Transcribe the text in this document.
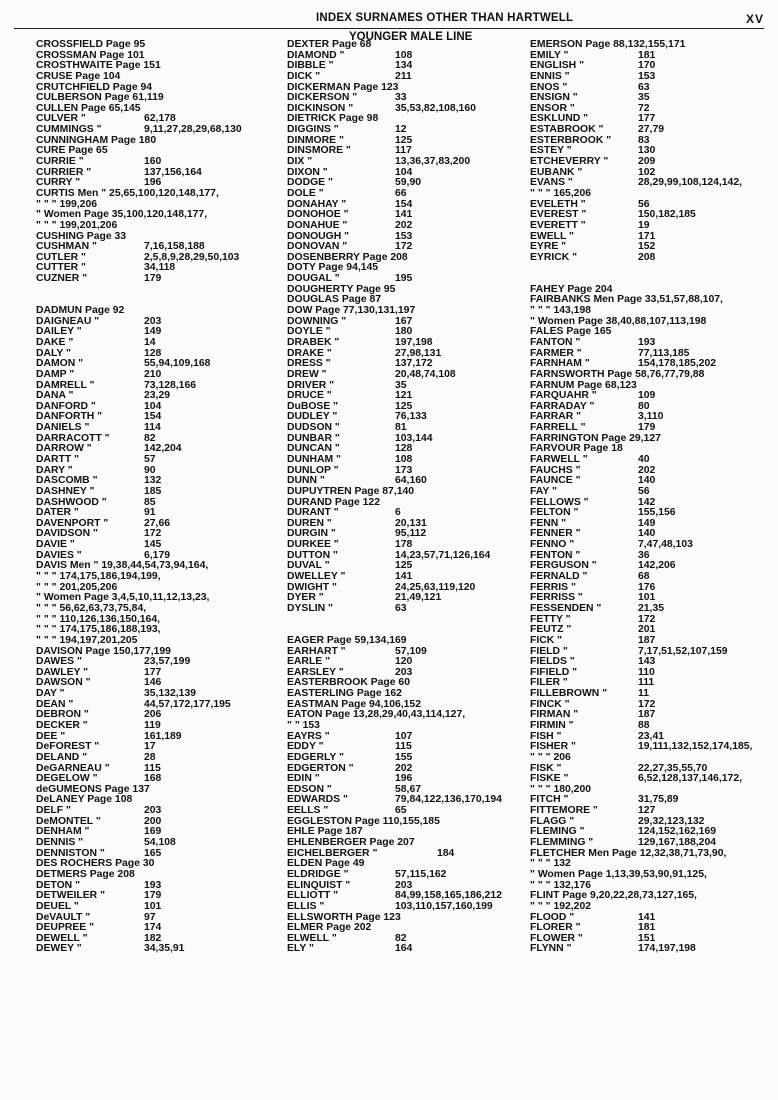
INDEX SURNAMES OTHER THAN HARTWELL	XV
YOUNGER MALE LINE
CROSSFIELD Page 95
CROSSMAN Page 101
CROSTHWAITE Page 151
CRUSE Page 104
CRUTCHFIELD Page 94
CULBERSON Page 61,119
CULLEN Page 65,145
CULVER "	62,178
CUMMINGS "	9,11,27,28,29,68,130
CUNNINGHAM Page 180
CURE Page 65
CURRIE "	160
CURRIER "	137,156,164
CURRY "	196
CURTIS Men " 25,65,100,120,148,177,
" " " 199,206
" Women Page 35,100,120,148,177,
" " " 199,201,206
CUSHING Page 33
CUSHMAN "	7,16,158,188
CUTLER "	2,5,8,9,28,29,50,103
CUTTER "	34,118
CUZNER "	179
DADMUN Page 92
DAIGNEAU "	203
DAILEY "	149
DAKE "	14
DALY "	128
DAMON "	55,94,109,168
DAMP "	210
DAMRELL "	73,128,166
DANA "	23,29
DANFORD "	104
DANFORTH "	154
DANIELS "	114
DARRACOTT "	82
DARROW "	142,204
DARTT "	57
DARY "	90
DASCOMB "	132
DASHNEY "	185
DASHWOOD "	85
DATER "	91
DAVENPORT "	27,66
DAVIDSON "	172
DAVIE "	145
DAVIES "	6,179
DAVIS Men " 19,38,44,54,73,94,164,
" " " 174,175,186,194,199,
" " " 201,205,206
" Women Page 3,4,5,10,11,12,13,23,
" " " 56,62,63,73,75,84,
" " " 110,126,136,150,164,
" " " 174,175,186,188,193,
" " " 194,197,201,205
DAVISON Page 150,177,199
DAWES "	23,57,199
DAWLEY "	177
DAWSON "	146
DAY "	35,132,139
DEAN "	44,57,172,177,195
DEBRON "	206
DECKER "	119
DEE "	161,189
DeFOREST "	17
DELAND "	28
DeGARNEAU "	115
DEGELOW "	168
deGUMEONS Page 137
DeLANEY Page 108
DELF "	203
DeMONTEL "	200
DENHAM "	169
DENNIS "	54,108
DENNISTON "	165
DES ROCHERS Page 30
DETMERS Page 208
DETON "	193
DETWEILER "	179
DEUEL "	101
DeVAULT "	97
DEUPREE "	174
DEWELL "	182
DEWEY "	34,35,91
DEXTER Page 68
DIAMOND "	108
DIBBLE "	134
DICK "	211
DICKERMAN Page 123
DICKERSON "	33
DICKINSON "	35,53,82,108,160
DIETRICK Page 98
DIGGINS "	12
DINMORE "	125
DINSMORE "	117
DIX "	13,36,37,83,200
DIXON "	104
DODGE "	59,90
DOLE "	66
DONAHAY "	154
DONOHOE "	141
DONAHUE "	202
DONOUGH "	153
DONOVAN "	172
DOSENBERRY Page 208
DOTY Page 94,145
DOUGAL "	195
DOUGHERTY Page 95
DOUGLAS Page 87
DOW Page 77,130,131,197
DOWNING "	167
DOYLE "	180
DRABEK "	197,198
DRAKE "	27,98,131
DRESS "	137,172
DREW "	20,48,74,108
DRIVER "	35
DRUCE "	121
DuBOSE "	125
DUDLEY "	76,133
DUDSON "	81
DUNBAR "	103,144
DUNCAN "	128
DUNHAM "	108
DUNLOP "	173
DUNN "	64,160
DUPUYTREN Page 87,140
DURAND Page 122
DURANT "	6
DUREN "	20,131
DURGIN "	95,112
DURKEE "	178
DUTTON "	14,23,57,71,126,164
DUVAL "	125
DWELLEY "	141
DWIGHT "	24,25,63,119,120
DYER "	21,49,121
DYSLIN "	63
EAGER Page 59,134,169
EARHART "	57,109
EARLE "	120
EARSLEY "	203
EASTERBROOK Page 60
EASTERLING Page 162
EASTMAN Page 94,106,152
EATON Page 13,28,29,40,43,114,127,
" " 153
EAYRS "	107
EDDY "	115
EDGERLY "	155
EDGERTON "	202
EDIN "	196
EDSON "	58,67
EDWARDS "	79,84,122,136,170,194
EELLS "	65
EGGLESTON Page 110,155,185
EHLE Page 187
EHLENBERGER Page 207
EICHELBERGER "	184
ELDEN Page 49
ELDRIDGE "	57,115,162
ELINQUIST "	203
ELLIOTT "	84,99,158,165,186,212
ELLIS "	103,110,157,160,199
ELLSWORTH Page 123
ELMER Page 202
ELWELL "	82
ELY "	164
EMERSON Page 88,132,155,171
EMILY "	181
ENGLISH "	170
ENNIS "	153
ENOS "	63
ENSIGN "	35
ENSOR "	72
ESKLUND "	177
ESTABROOK "	27,79
ESTERBROOK "	83
ESTEY "	130
ETCHEVERRY "	209
EUBANK "	102
EVANS "	28,29,99,108,124,142,
" " " 165,206
EVELETH "	56
EVEREST "	150,182,185
EVERETT "	19
EWELL "	171
EYRE "	152
EYRICK "	208
FAHEY Page 204
FAIRBANKS Men Page 33,51,57,88,107,
" " " 143,198
" Women Page 38,40,88,107,113,198
FALES Page 165
FANTON "	193
FARMER "	77,113,185
FARNHAM "	154,178,185,202
FARNSWORTH Page 58,76,77,79,88
FARNUM Page 68,123
FARQUAHR "	109
FARRADAY "	80
FARRAR "	3,110
FARRELL "	179
FARRINGTON Page 29,127
FARVOUR Page 18
FARWELL "	40
FAUCHS "	202
FAUNCE "	140
FAY "	56
FELLOWS "	142
FELTON "	155,156
FENN "	149
FENNER "	140
FENNO "	7,47,48,103
FENTON "	36
FERGUSON "	142,206
FERNALD "	68
FERRIS "	176
FERRISS "	101
FESSENDEN "	21,35
FETTY "	172
FEUTZ "	201
FICK "	187
FIELD "	7,17,51,52,107,159
FIELDS "	143
FIFIELD "	110
FILER "	111
FILLEBROWN "	11
FINCK "	172
FIRMAN "	187
FIRMIN "	88
FISH "	23,41
FISHER "	19,111,132,152,174,185,
" " " 206
FISK "	22,27,35,55,70
FISKE "	6,52,128,137,146,172,
" " " 180,200
FITCH "	31,75,89
FITTEMORE "	127
FLAGG "	29,32,123,132
FLEMING "	124,152,162,169
FLEMMING "	129,167,188,204
FLETCHER Men Page 12,32,38,71,73,90,
" " " 132
" Women Page 1,13,39,53,90,91,125,
" " " 132,176
FLINT Page 9,20,22,28,73,127,165,
" " " 192,202
FLOOD "	141
FLORER "	181
FLOWER "	151
FLYNN "	174,197,198
